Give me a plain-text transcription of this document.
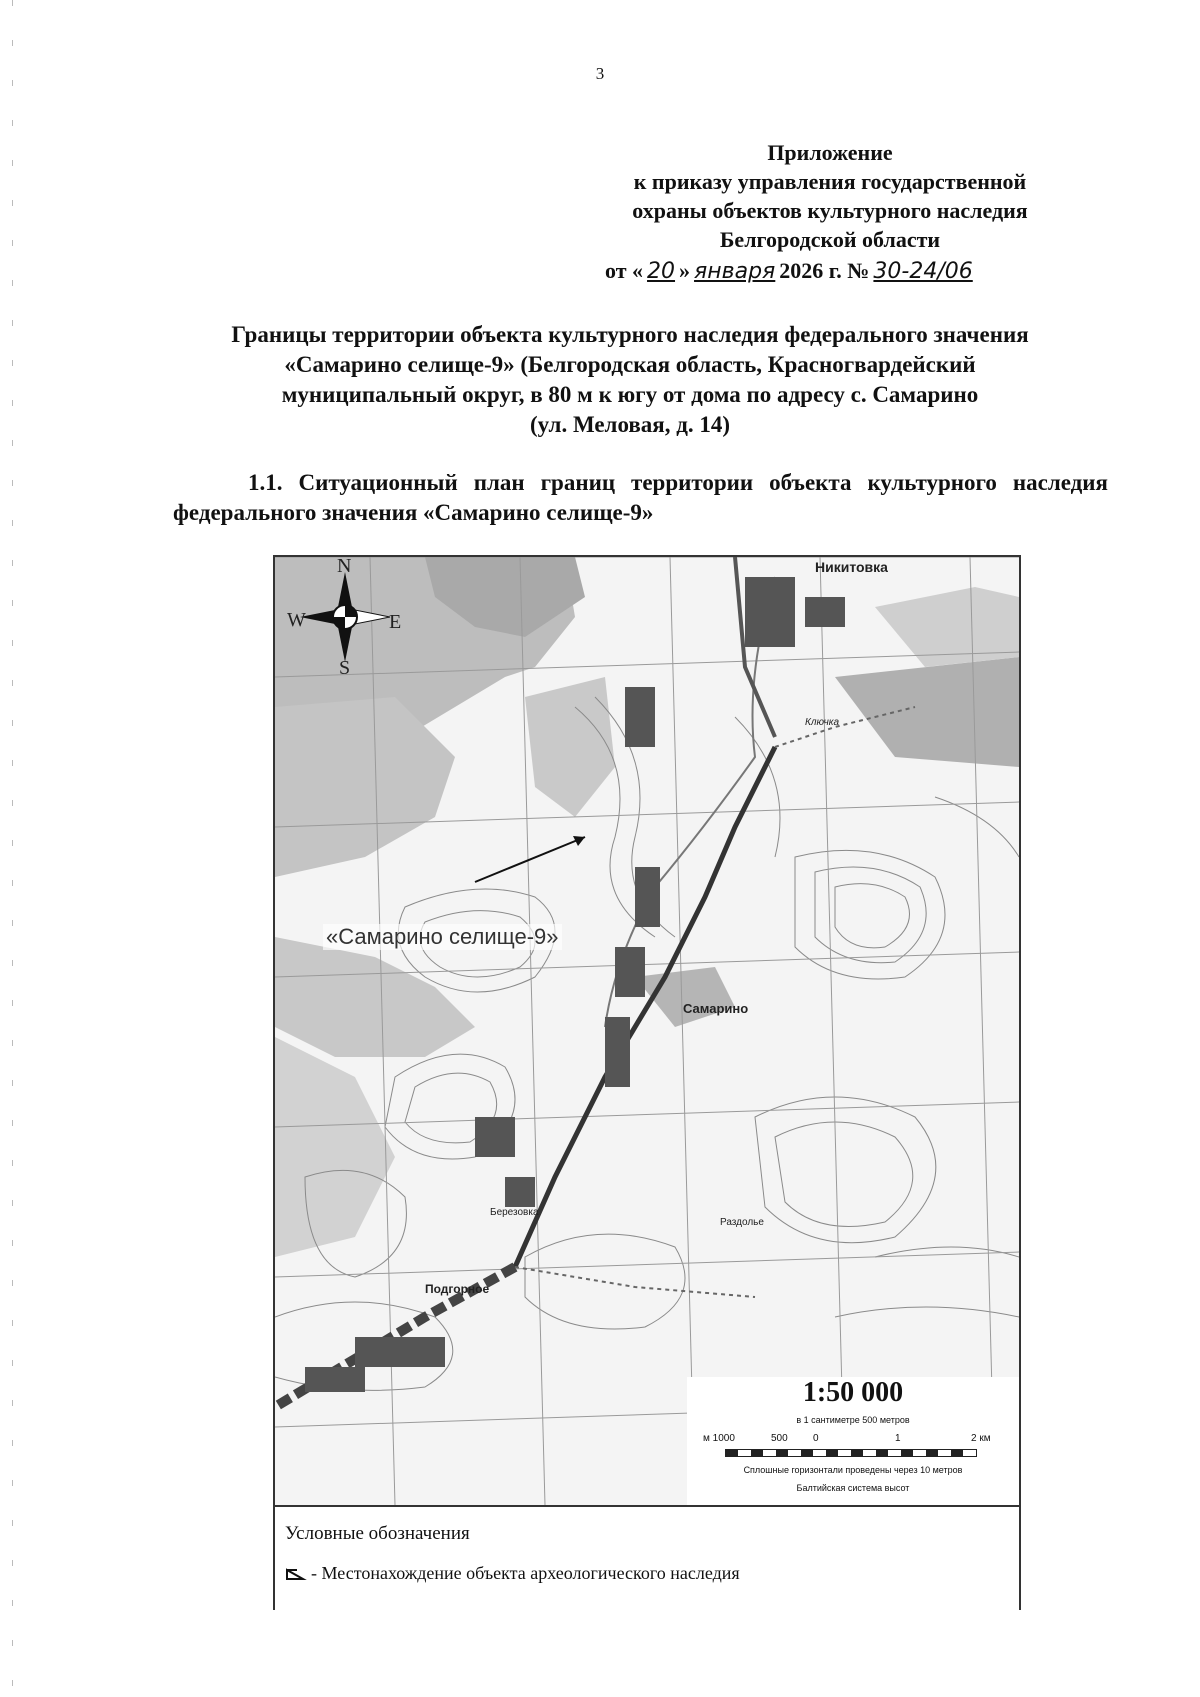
3
Приложение
к приказу управления государственной
охраны объектов культурного наследия
Белгородской области
от « 20 » января 2026 г. № 30-24/06
Границы территории объекта культурного наследия федерального значения
«Самарино селище-9» (Белгородская область, Красногвардейский
муниципальный округ, в 80 м к югу от дома по адресу с. Самарино
(ул. Меловая, д. 14)
1.1. Ситуационный план границ территории объекта культурного наследия федерального значения «Самарино селище-9»
N
S
W	E
«Самарино селище-9»
Никитовка
Самарино
Подгорное
Березовка
Раздолье
Ключка
1:50 000
в 1 сантиметре 500 метров
м 1000	500	0	1	2 км
Сплошные горизонтали проведены через 10 метров
Балтийская система высот
Условные обозначения
- Местонахождение объекта археологического наследия
